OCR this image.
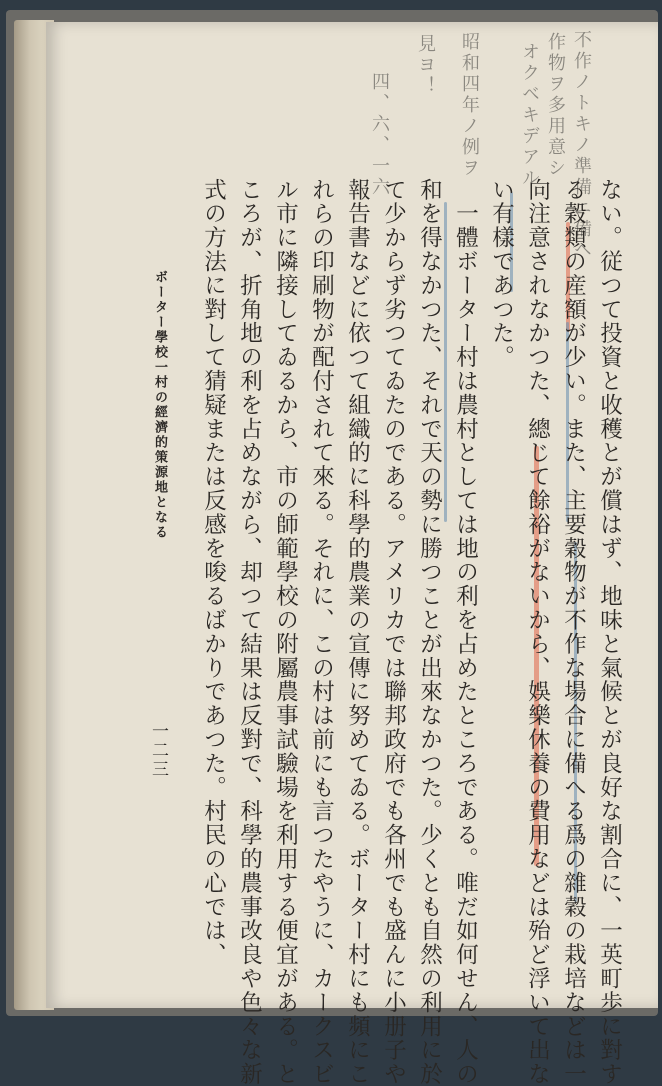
不作ノトキノ準備ニ備ヘ
作物ヲ多用意シ
オクベキデアル
昭和四年ノ例ヲ
見ヨ！
四、六、一六
ない。従つて投資と收穫とが償はず、地味と氣候とが良好な割合に、一英町歩に對す
る穀類の産額が少い。また、主要穀物が不作な場合に備へる爲の雜穀の栽培などは一
向注意されなかつた、總じて餘裕がないから、娛樂休養の費用などは殆ど浮いて出な
い有樣であつた。
　一體ボーター村は農村としては地の利を占めたところである。唯だ如何せん、人の
和を得なかつた、それで天の勢に勝つことが出來なかつた。少くとも自然の利用に於
て少からず劣つてゐたのである。アメリカでは聯邦政府でも各州でも盛んに小册子や
報告書などに依つて組織的に科學的農業の宣傳に努めてゐる。ボーター村にも頻にこ
れらの印刷物が配付されて來る。それに、この村は前にも言つたやうに、カークスビ
ル市に隣接してゐるから、市の師範學校の附屬農事試驗場を利用する便宜がある。と
ころが、折角地の利を占めながら、却つて結果は反對で、科學的農事改良や色々な新
式の方法に對して猜疑または反感を唆るばかりであつた。村民の心では、
ボーター學校一村の經濟的策源地となる
一二三
